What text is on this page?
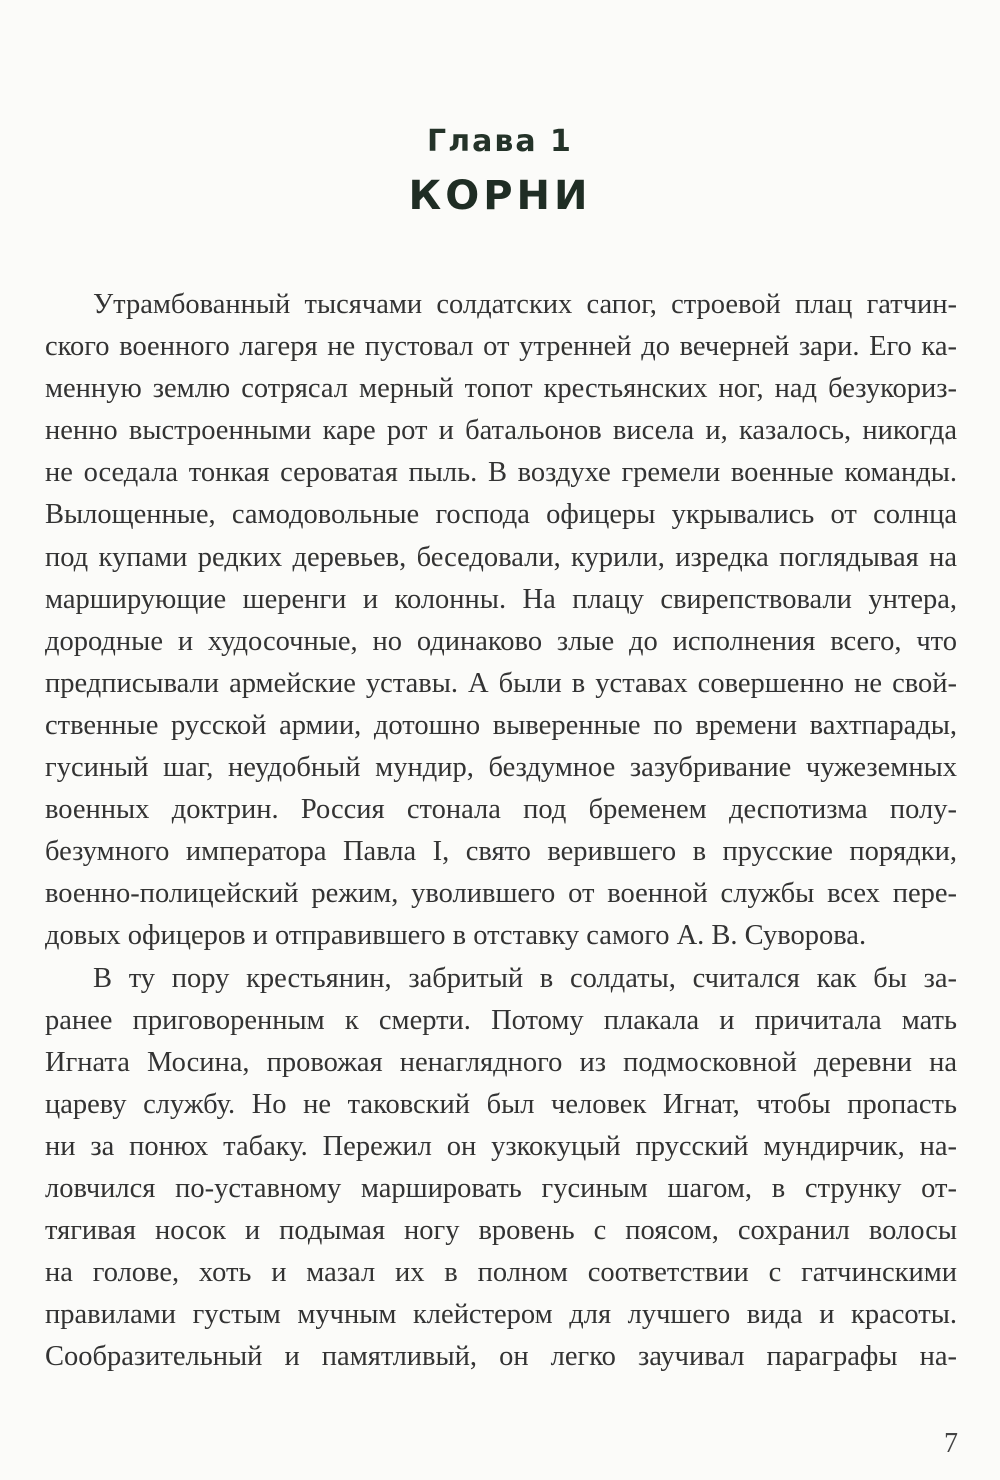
Глава 1
КОРНИ
Утрамбованный тысячами солдатских сапог, строевой плац гатчин-
ского военного лагеря не пустовал от утренней до вечерней зари. Его ка-
менную землю сотрясал мерный топот крестьянских ног, над безукориз-
ненно выстроенными каре рот и батальонов висела и, казалось, никогда
не оседала тонкая сероватая пыль. В воздухе гремели военные команды.
Вылощенные, самодовольные господа офицеры укрывались от солнца
под купами редких деревьев, беседовали, курили, изредка поглядывая на
марширующие шеренги и колонны. На плацу свирепствовали унтера,
дородные и худосочные, но одинаково злые до исполнения всего, что
предписывали армейские уставы. А были в уставах совершенно не свой-
ственные русской армии, дотошно выверенные по времени вахтпарады,
гусиный шаг, неудобный мундир, бездумное зазубривание чужеземных
военных доктрин. Россия стонала под бременем деспотизма полу-
безумного императора Павла I, свято верившего в прусские порядки,
военно-полицейский режим, уволившего от военной службы всех пере-
довых офицеров и отправившего в отставку самого А. В. Суворова.
В ту пору крестьянин, забритый в солдаты, считался как бы за-
ранее приговоренным к смерти. Потому плакала и причитала мать
Игната Мосина, провожая ненаглядного из подмосковной деревни на
цареву службу. Но не таковский был человек Игнат, чтобы пропасть
ни за понюх табаку. Пережил он узкокуцый прусский мундирчик, на-
ловчился по-уставному маршировать гусиным шагом, в струнку от-
тягивая носок и подымая ногу вровень с поясом, сохранил волосы
на голове, хоть и мазал их в полном соответствии с гатчинскими
правилами густым мучным клейстером для лучшего вида и красоты.
Сообразительный и памятливый, он легко заучивал параграфы на-
7
